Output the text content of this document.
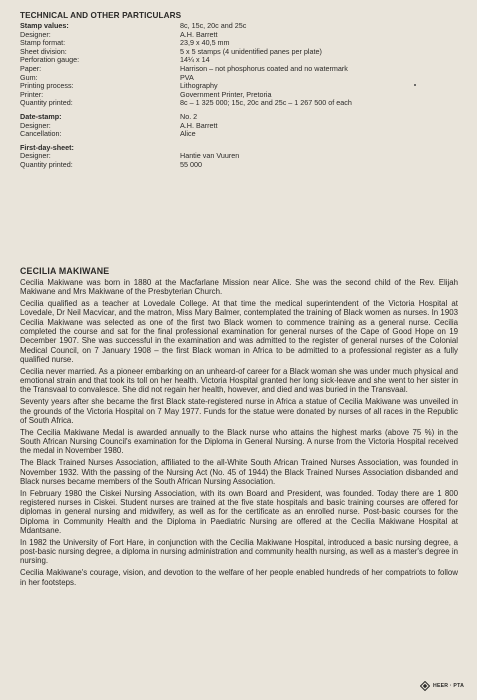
TECHNICAL AND OTHER PARTICULARS
Stamp values:	8c, 15c, 20c and 25c
Designer:	A.H. Barrett
Stamp format:	23,9 x 40,5 mm
Sheet division:	5 x 5 stamps (4 unidentified panes per plate)
Perforation gauge:	14¼ x 14
Paper:	Harrison – not phosphorus coated and no watermark
Gum:	PVA
Printing process:	Lithography
Printer:	Government Printer, Pretoria
Quantity printed:	8c – 1 325 000; 15c, 20c and 25c – 1 267 500 of each
Date-stamp:	No. 2
Designer:	A.H. Barrett
Cancellation:	Alice
First-day-sheet:
Designer:	Hantie van Vuuren
Quantity printed:	55 000
CECILIA MAKIWANE

Cecilia Makiwane was born in 1880 at the Macfarlane Mission near Alice. She was the second child of the Rev. Elijah Makiwane and Mrs Makiwane of the Presbyterian Church.

Cecilia qualified as a teacher at Lovedale College. At that time the medical superintendent of the Victoria Hospital at Lovedale, Dr Neil Macvicar, and the matron, Miss Mary Balmer, contemplated the training of Black women as nurses. In 1903 Cecilia Makiwane was selected as one of the first two Black women to commence training as a general nurse. Cecilia completed the course and sat for the final professional examination for general nurses of the Cape of Good Hope on 19 December 1907. She was successful in the examination and was admitted to the register of general nurses of the Colonial Medical Council, on 7 January 1908 – the first Black woman in Africa to be admitted to a professional register as a fully qualified nurse.

Cecilia never married. As a pioneer embarking on an unheard-of career for a Black woman she was under much physical and emotional strain and that took its toll on her health. Victoria Hospital granted her long sick-leave and she went to her sister in the Transvaal to convalesce. She did not regain her health, however, and died and was buried in the Transvaal.

Seventy years after she became the first Black state-registered nurse in Africa a statue of Cecilia Makiwane was unveiled in the grounds of the Victoria Hospital on 7 May 1977. Funds for the statue were donated by nurses of all races in the Republic of South Africa.

The Cecilia Makiwane Medal is awarded annually to the Black nurse who attains the highest marks (above 75 %) in the South African Nursing Council's examination for the Diploma in General Nursing. A nurse from the Victoria Hospital received the medal in November 1980.

The Black Trained Nurses Association, affiliated to the all-White South African Trained Nurses Association, was founded in November 1932. With the passing of the Nursing Act (No. 45 of 1944) the Black Trained Nurses Association disbanded and Black nurses became members of the South African Nursing Association.

In February 1980 the Ciskei Nursing Association, with its own Board and President, was founded. Today there are 1 800 registered nurses in Ciskei. Student nurses are trained at the five state hospitals and basic training courses are offered for diplomas in general nursing and midwifery, as well as for the certificate as an enrolled nurse. Post-basic courses for the Diploma in Community Health and the Diploma in Paediatric Nursing are offered at the Cecilia Makiwane Hospital at Mdantsane.

In 1982 the University of Fort Hare, in conjunction with the Cecilia Makiwane Hospital, introduced a basic nursing degree, a post-basic nursing degree, a diploma in nursing administration and community health nursing, as well as a master's degree in nursing.

Cecilia Makiwane's courage, vision, and devotion to the welfare of her people enabled hundreds of her compatriots to follow in her footsteps.

HEER · PTA
